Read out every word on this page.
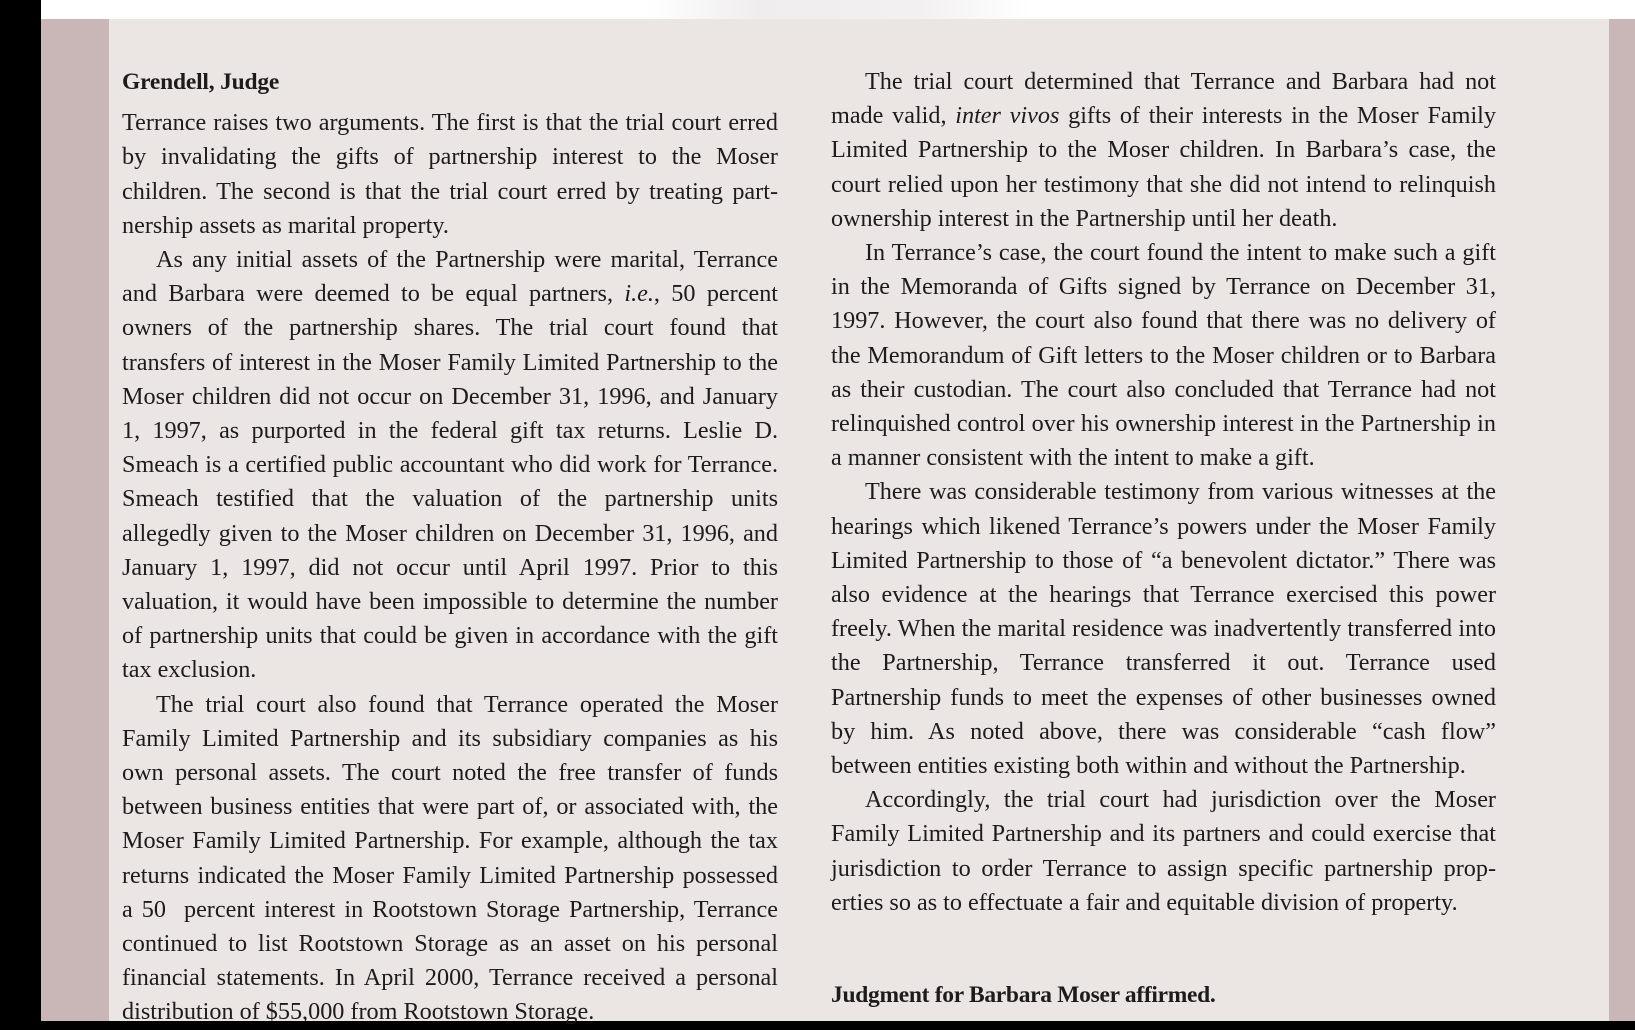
Grendell, Judge

Terrance raises two arguments. The first is that the trial court erred by invalidating the gifts of partnership interest to the Moser children. The second is that the trial court erred by treating partnership assets as marital property.

As any initial assets of the Partnership were marital, Terrance and Barbara were deemed to be equal partners, i.e., 50 percent owners of the partnership shares. The trial court found that transfers of interest in the Moser Family Limited Partnership to the Moser children did not occur on December 31, 1996, and January 1, 1997, as purported in the federal gift tax returns. Leslie D. Smeach is a certified public accountant who did work for Terrance. Smeach testified that the valuation of the partnership units allegedly given to the Moser children on December 31, 1996, and January 1, 1997, did not occur until April 1997. Prior to this valuation, it would have been impossible to determine the number of partnership units that could be given in accordance with the gift tax exclusion.

The trial court also found that Terrance operated the Moser Family Limited Partnership and its subsidiary companies as his own personal assets. The court noted the free transfer of funds between business entities that were part of, or associated with, the Moser Family Limited Partnership. For example, although the tax returns indicated the Moser Family Limited Partnership possessed a 50  percent interest in Rootstown Storage Partnership, Terrance continued to list Rootstown Storage as an asset on his personal financial statements. In April 2000, Terrance received a personal distribution of $55,000 from Rootstown Storage.

The trial court determined that Terrance and Barbara had not made valid, inter vivos gifts of their interests in the Moser Family Limited Partnership to the Moser children. In Barbara’s case, the court relied upon her testimony that she did not intend to relinquish ownership interest in the Partnership until her death.

In Terrance’s case, the court found the intent to make such a gift in the Memoranda of Gifts signed by Terrance on December 31, 1997. However, the court also found that there was no delivery of the Memorandum of Gift letters to the Moser children or to Barbara as their custodian. The court also concluded that Terrance had not relinquished control over his ownership interest in the Partnership in a manner consistent with the intent to make a gift.

There was considerable testimony from various witnesses at the hearings which likened Terrance’s powers under the Moser Family Limited Partnership to those of “a benevolent dictator.” There was also evidence at the hearings that Terrance exercised this power freely. When the marital residence was inadvertently transferred into the Partnership, Terrance transferred it out. Terrance used Partnership funds to meet the expenses of other businesses owned by him. As noted above, there was considerable “cash flow” between entities existing both within and without the Partnership.

Accordingly, the trial court had jurisdiction over the Moser Family Limited Partnership and its partners and could exercise that jurisdiction to order Terrance to assign specific partnership properties so as to effectuate a fair and equitable division of property.

Judgment for Barbara Moser affirmed.
